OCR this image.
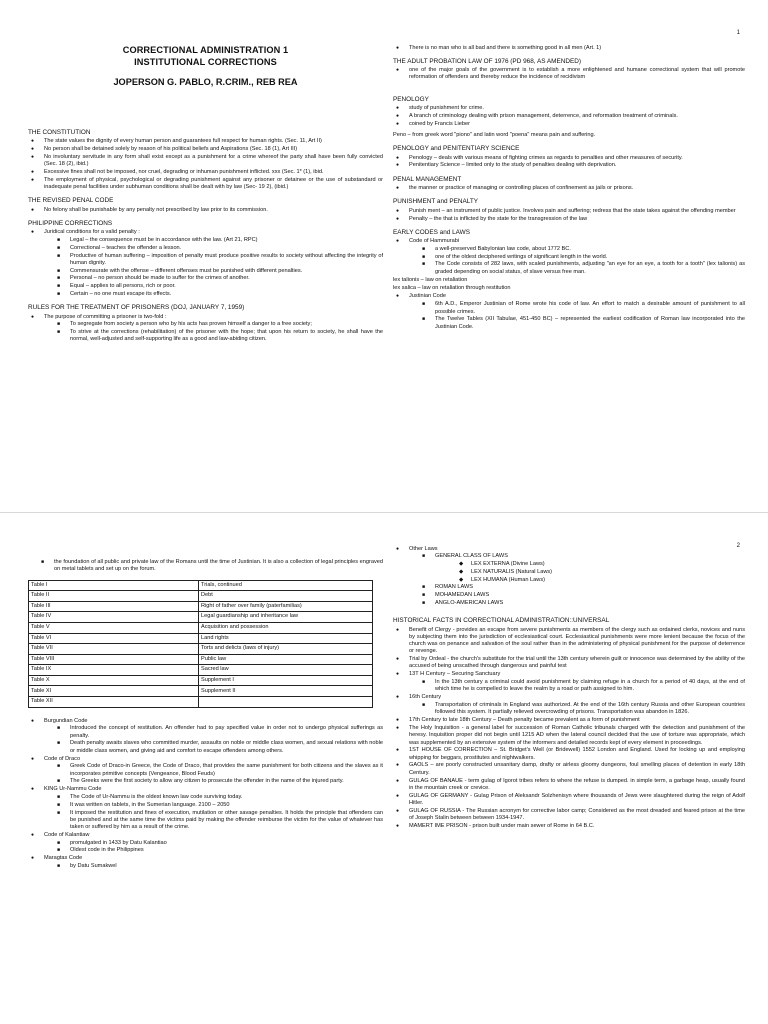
1
CORRECTIONAL ADMINISTRATION 1
INSTITUTIONAL CORRECTIONS
JOPERSON G. PABLO, R.CRIM., REB REA
THE CONSTITUTION
● The state values the dignity of every human person and guarantees full respect for human rights. (Sec. 11, Art II)
● No person shall be detained solely by reason of his political beliefs and Aspirations (Sec. 18 (1), Art III)
● No involuntary servitude in any form shall exist except as a punishment for a crime whereof the party shall have been fully convicted (Sec. 18 (2), ibid.)
● Excessive fines shall not be imposed, nor cruel, degrading or inhuman punishment inflicted. xxx (Sec. 1* (1), ibid.
● The employment of physical, psychological or degrading punishment against any prisoner or detainee or the use of substandard or inadequate penal facilities under subhuman conditions shall be dealt with by law (Sec- 19 2), (ibid.)
THE REVISED PENAL CODE
● No felony shall be punishable by any penalty not prescribed by law prior to its commission.
PHILIPPINE CORRECTIONS
● Juridical conditions for a valid penalty :
■ Legal – the consequence must be in accordance with the law. (Art 21, RPC)
■ Correctional – teaches the offender a lesson.
■ Productive of human suffering – imposition of penalty must produce positive results to society without affecting the integrity of human dignity.
■ Commensurate with the offense – different offenses must be punished with different penalties.
■ Personal – no person should be made to suffer for the crimes of another.
■ Equal – applies to all persons, rich or poor.
■ Certain – no one must escape its effects.
RULES FOR THE TREATMENT OF PRISONERS (DOJ, JANUARY 7, 1959)
● The purpose of committing a prisoner is two-fold :
■ To segregate from society a person who by his acts has proven himself a danger to a free society;
■ To strive at the corrections (rehabilitation) of the prisoner with the hope; that upon his return to society, he shall have the normal, well-adjusted and self-supporting life as a good and law-abiding citizen.
● There is no man who is all bad and there is something good in all men (Art. 1)
THE ADULT PROBATION LAW OF 1976 (PD 968, AS AMENDED)
● one of the major goals of the government is to establish a more enlightened and humane correctional system that will promote reformation of offenders and thereby reduce the incidence of recidivism
PENOLOGY
● study of punishment for crime.
● A branch of criminology dealing with prison management, deterrence, and reformation treatment of criminals.
● coined by Francis Lieber
Peno – from greek word "piono" and latin word "poena" means pain and suffering.
PENOLOGY and PENITENTIARY SCIENCE
● Penology – deals with various means of fighting crimes as regards to penalties and other measures of security.
● Penitentiary Science – limited only to the study of penalties dealing with deprivation.
PENAL MANAGEMENT
● the manner or practice of managing or controlling places of confinement as jails or prisons.
PUNISHMENT and PENALTY
● Punish ment – an instrument of public justice. Involves pain and suffering; redress that the state takes against the offending member
● Penalty – the that is inflicted by the state for the transgression of the law
EARLY CODES and LAWS
● Code of Hammurabi
■ a well-preserved Babylonian law code, about 1772 BC.
■ one of the oldest deciphered writings of significant length in the world.
■ The Code consists of 282 laws, with scaled punishments, adjusting "an eye for an eye, a tooth for a tooth" (lex talionis) as graded depending on social status, of slave versus free man.
lex talionis – law on retaliation
lex salica – law on retaliation through restitution
● Justinian Code
■ 6th A.D., Emperor Justinian of Rome wrote his code of law. An effort to match a desirable amount of punishment to all possible crimes.
■ The Twelve Tables (XII Tabulae, 451-450 BC) – represented the earliest codification of Roman law incorporated into the Justinian Code.
2
■ the foundation of all public and private law of the Romans until the time of Justinian. It is also a collection of legal principles engraved on metal tablets and set up on the forum.
Table I	Trials, continued
Table II	Debt
Table III	Right of father over family (paterfamilias)
Table IV	Legal guardianship and inheritance law
Table V	Acquisition and possession
Table VI	Land rights
Table VII	Torts and delicts (laws of injury)
Table VIII	Public law
Table IX	Sacred law
Table X	Supplement I
Table XI	Supplement II
Table XII	
● Burgundian Code
■ Introduced the concept of restitution. An offender had to pay specified value in order not to undergo physical sufferings as penalty.
■ Death penalty awaits slaves who committed murder, assaults on noble or middle class women, and sexual relations with noble or middle class women, and giving aid and comfort to escape offenders among others.
● Code of Draco
■ Greek Code of Draco-in Greece, the Code of Draco, that provides the same punishment for both citizens and the slaves as it incorporates primitive concepts (Vengeance, Blood Feuds)
■ The Greeks were the first society to allow any citizen to prosecute the offender in the name of the injured party.
● KING Ur-Nammu Code
■ The Code of Ur-Nammu is the oldest known law code surviving today.
■ It was written on tablets, in the Sumerian language. 2100 – 2050
■ It imposed the restitution and fines of execution, mutilation or other savage penalties. It holds the principle that offenders can be punished and at the same time the victims paid by making the offender reimburse the victim for the value of whatever has taken or suffered by him as a result of the crime.
● Code of Kalantiaw
■ promulgated in 1433 by Datu Kalantiao
■ Oldest code in the Philippines
● Maragtas Code
■ by Datu Sumakwel
● Other Laws
■ GENERAL CLASS OF LAWS
◆ LEX EXTERNA (Divine Laws)
◆ LEX NATURALIS (Natural Laws)
◆ LEX HUMANA (Human Laws)
■ ROMAN LAWS
■ MOHAMEDAN LAWS
■ ANGLO-AMERICAN LAWS
HISTORICAL FACTS IN CORRECTIONAL ADMINISTRATION::UNIVERSAL
● Benefit of Clergy - provides an escape from severe punishments as members of the clergy such as ordained clerks, novices and nuns by subjecting them into the jurisdiction of ecclesiastical court. Ecclesiastical punishments were more lenient because the focus of the church was on penance and salvation of the soul rather than in the administering of physical punishment for the purpose of deterrence or revenge.
● Trial by Ordeal - the church's substitute for the trial until the 13th century wherein guilt or innocence was determined by the ability of the accused of being unscathed through dangerous and painful test
● 13T H Century – Securing Sanctuary
■ In the 13th century a criminal could avoid punishment by claiming refuge in a church for a period of 40 days, at the end of which time he is compelled to leave the realm by a road or path assigned to him.
● 16th Century
■ Transportation of criminals in England was authorized. At the end of the 16th century Russia and other European countries followed this system. It partially relieved overcrowding of prisons. Transportation was abandon in 1826.
● 17th Century to late 18th Century – Death penalty became prevalent as a form of punishment
● The Holy Inquisition - a general label for succession of Roman Catholic tribunals charged with the detection and punishment of the heresy. Inquisition proper did not begin until 1215 AD when the lateral council decided that the use of torture was appropriate, which was supplemented by an extensive system of the informers and detailed records kept of every element in proceedings.
● 1ST HOUSE OF CORRECTION – St. Bridget's Well (or Bridewell) 1552 London and England. Used for locking up and employing whipping for beggars, prostitutes and nightwalkers.
● GAOLS – are poorly constructed unsanitary damp, drafty or airless gloomy dungeons, foul smelling places of detention in early 18th Century.
● GULAG OF BANAUE - term gulag of Igorot tribes refers to where the refuse is dumped. in simple term, a garbage heap, usually found in the mountain creek or crevice.
● GULAG OF GERMANY - Gulag Prison of Aleksandr Solzhenisyn where thousands of Jews were slaughtered during the reign of Adolf Hitler.
● GULAG OF RUSSIA - The Russian acronym for corrective labor camp; Considered as the most dreaded and feared prison at the time of Joseph Stalin between between 1934-1947.
● MAMERT IME PRISON - prison built under main sewer of Rome in 64 B.C.
